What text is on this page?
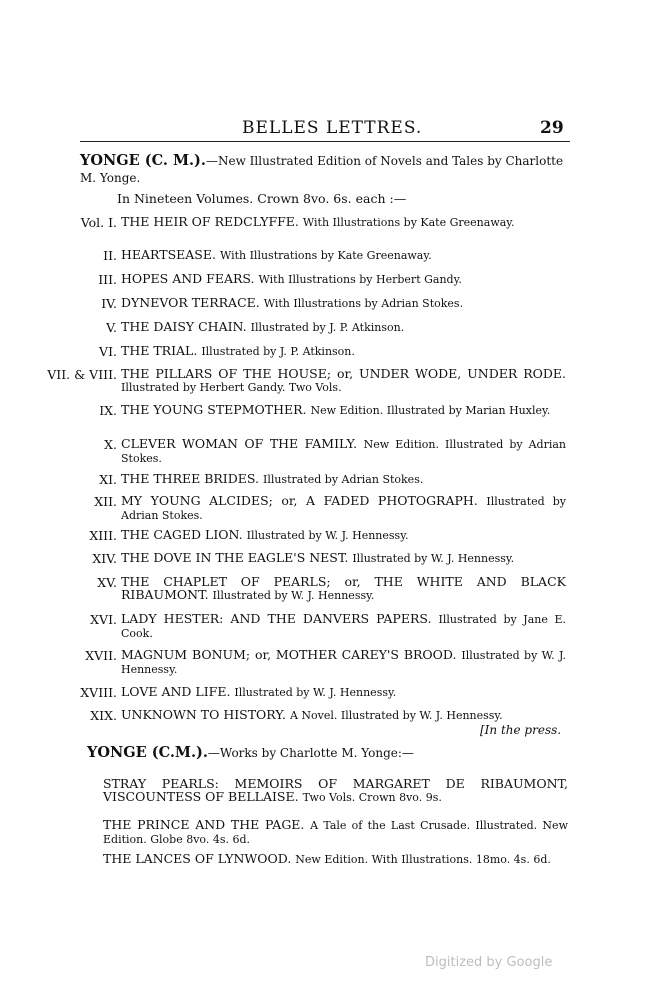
BELLES LETTRES.	29
YONGE (C. M.).—New Illustrated Edition of Novels and Tales by Charlotte M. Yonge.
In Nineteen Volumes. Crown 8vo. 6s. each :—
Vol. I. THE HEIR OF REDCLYFFE. With Illustrations by Kate Greenaway.
II. HEARTSEASE. With Illustrations by Kate Greenaway.
III. HOPES AND FEARS. With Illustrations by Herbert Gandy.
IV. DYNEVOR TERRACE. With Illustrations by Adrian Stokes.
V. THE DAISY CHAIN. Illustrated by J. P. Atkinson.
VI. THE TRIAL. Illustrated by J. P. Atkinson.
VII. & VIII. THE PILLARS OF THE HOUSE; or, UNDER WODE, UNDER RODE. Illustrated by Herbert Gandy. Two Vols.
IX. THE YOUNG STEPMOTHER. New Edition. Illustrated by Marian Huxley.
X. CLEVER WOMAN OF THE FAMILY. New Edition. Illustrated by Adrian Stokes.
XI. THE THREE BRIDES. Illustrated by Adrian Stokes.
XII. MY YOUNG ALCIDES; or, A FADED PHOTOGRAPH. Illustrated by Adrian Stokes.
XIII. THE CAGED LION. Illustrated by W. J. Hennessy.
XIV. THE DOVE IN THE EAGLE'S NEST. Illustrated by W. J. Hennessy.
XV. THE CHAPLET OF PEARLS; or, THE WHITE AND BLACK RIBAUMONT. Illustrated by W. J. Hennessy.
XVI. LADY HESTER: AND THE DANVERS PAPERS. Illustrated by Jane E. Cook.
XVII. MAGNUM BONUM; or, MOTHER CAREY'S BROOD. Illustrated by W. J. Hennessy.
XVIII. LOVE AND LIFE. Illustrated by W. J. Hennessy.
XIX. UNKNOWN TO HISTORY. A Novel. Illustrated by W. J. Hennessy.
[In the press.
YONGE (C.M.).—Works by Charlotte M. Yonge:—
STRAY PEARLS: MEMOIRS OF MARGARET DE RIBAUMONT, VISCOUNTESS OF BELLAISE. Two Vols. Crown 8vo. 9s.
THE PRINCE AND THE PAGE. A Tale of the Last Crusade. Illustrated. New Edition. Globe 8vo. 4s. 6d.
THE LANCES OF LYNWOOD. New Edition. With Illustrations. 18mo. 4s. 6d.
Digitized by Google
